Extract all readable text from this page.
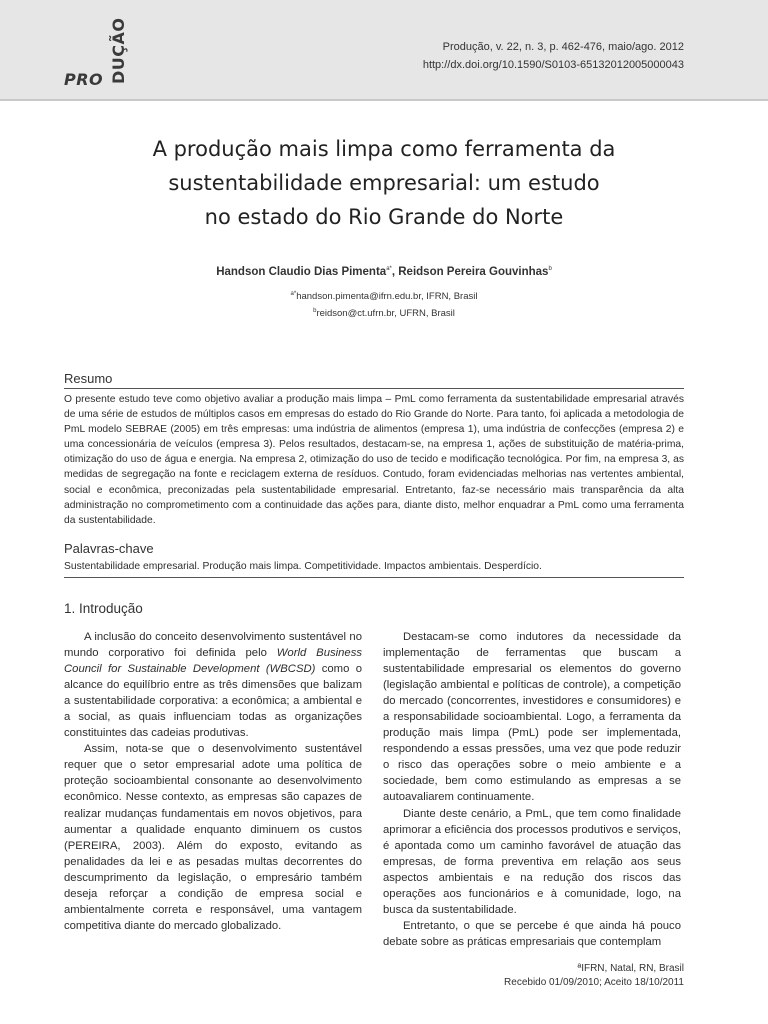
PRO DUÇÃO	Produção, v. 22, n. 3, p. 462-476, maio/ago. 2012
http://dx.doi.org/10.1590/S0103-65132012005000043
A produção mais limpa como ferramenta da
sustentabilidade empresarial: um estudo
no estado do Rio Grande do Norte
Handson Claudio Dias Pimenta$^{a*}$, Reidson Pereira Gouvinhas$^b$
$^{a*}$handson.pimenta@ifrn.edu.br, IFRN, Brasil
$^b$reidson@ct.ufrn.br, UFRN, Brasil
Resumo
O presente estudo teve como objetivo avaliar a produção mais limpa – PmL como ferramenta da sustentabilidade empresarial através de uma série de estudos de múltiplos casos em empresas do estado do Rio Grande do Norte. Para tanto, foi aplicada a metodologia de PmL modelo SEBRAE (2005) em três empresas: uma indústria de alimentos (empresa 1), uma indústria de confecções (empresa 2) e uma concessionária de veículos (empresa 3). Pelos resultados, destacam-se, na empresa 1, ações de substituição de matéria-prima, otimização do uso de água e energia. Na empresa 2, otimização do uso de tecido e modificação tecnológica. Por fim, na empresa 3, as medidas de segregação na fonte e reciclagem externa de resíduos. Contudo, foram evidenciadas melhorias nas vertentes ambiental, social e econômica, preconizadas pela sustentabilidade empresarial. Entretanto, faz-se necessário mais transparência da alta administração no comprometimento com a continuidade das ações para, diante disto, melhor enquadrar a PmL como uma ferramenta da sustentabilidade.
Palavras-chave
Sustentabilidade empresarial. Produção mais limpa. Competitividade. Impactos ambientais. Desperdício.
1. Introdução

A inclusão do conceito desenvolvimento sustentável no mundo corporativo foi definida pelo World Business Council for Sustainable Development (WBCSD) como o alcance do equilíbrio entre as três dimensões que balizam a sustentabilidade corporativa: a econômica; a ambiental e a social, as quais influenciam todas as organizações constituintes das cadeias produtivas.

Assim, nota-se que o desenvolvimento sustentável requer que o setor empresarial adote uma política de proteção socioambiental consonante ao desenvolvimento econômico. Nesse contexto, as empresas são capazes de realizar mudanças fundamentais em novos objetivos, para aumentar a qualidade enquanto diminuem os custos (PEREIRA, 2003). Além do exposto, evitando as penalidades da lei e as pesadas multas decorrentes do descumprimento da legislação, o empresário também deseja reforçar a condição de empresa social e ambientalmente correta e responsável, uma vantagem competitiva diante do mercado globalizado.

Destacam-se como indutores da necessidade da implementação de ferramentas que buscam a sustentabilidade empresarial os elementos do governo (legislação ambiental e políticas de controle), a competição do mercado (concorrentes, investidores e consumidores) e a responsabilidade socioambiental. Logo, a ferramenta da produção mais limpa (PmL) pode ser implementada, respondendo a essas pressões, uma vez que pode reduzir o risco das operações sobre o meio ambiente e a sociedade, bem como estimulando as empresas a se autoavaliarem continuamente.

Diante deste cenário, a PmL, que tem como finalidade aprimorar a eficiência dos processos produtivos e serviços, é apontada como um caminho favorável de atuação das empresas, de forma preventiva em relação aos seus aspectos ambientais e na redução dos riscos das operações aos funcionários e à comunidade, logo, na busca da sustentabilidade.

Entretanto, o que se percebe é que ainda há pouco debate sobre as práticas empresariais que contemplam

ªIFRN, Natal, RN, Brasil
Recebido 01/09/2010; Aceito 18/10/2011
